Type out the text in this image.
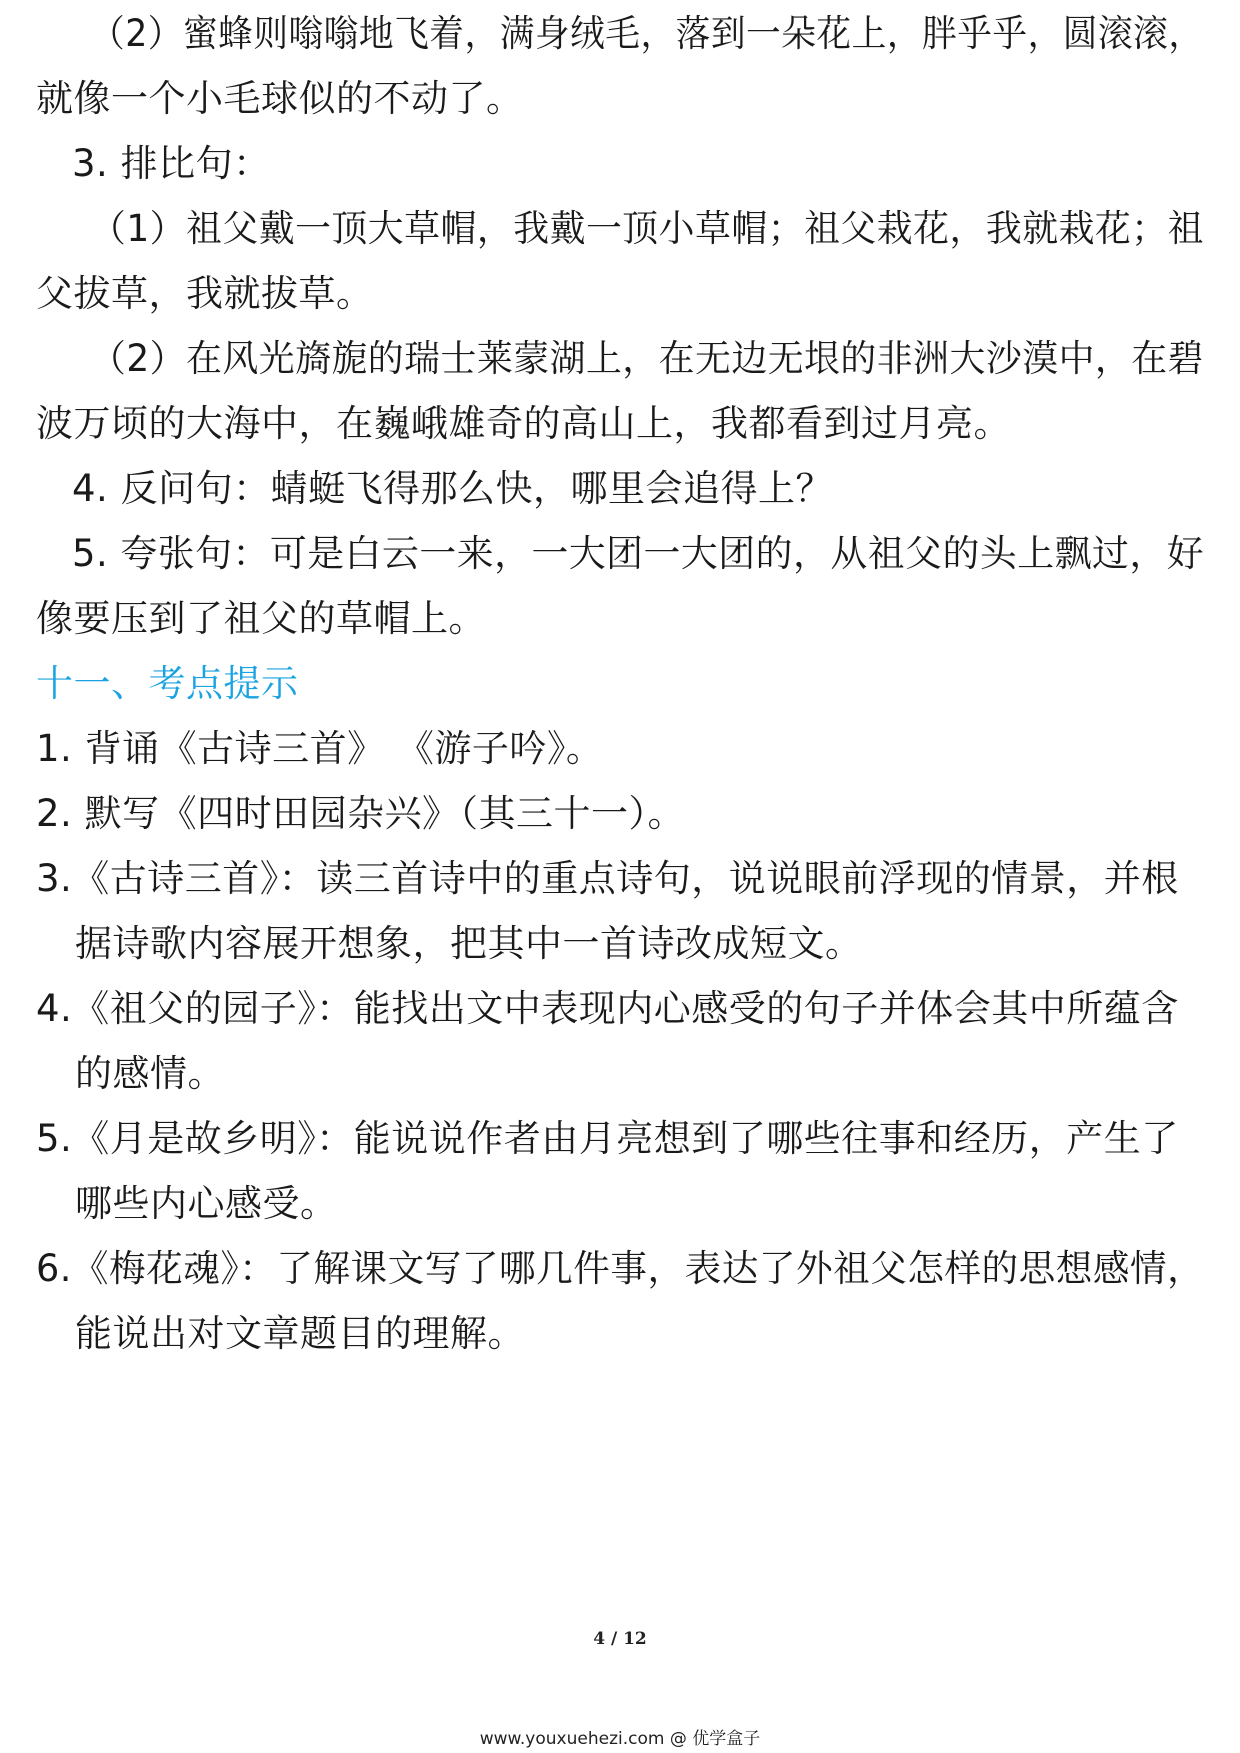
（2）蜜蜂则嗡嗡地飞着，满身绒毛，落到一朵花上，胖乎乎，圆滚滚，
就像一个小毛球似的不动了。
3. 排比句：
（1）祖父戴一顶大草帽，我戴一顶小草帽；祖父栽花，我就栽花；祖
父拔草，我就拔草。
（2）在风光旖旎的瑞士莱蒙湖上，在无边无垠的非洲大沙漠中，在碧
波万顷的大海中，在巍峨雄奇的高山上，我都看到过月亮。
4. 反问句：蜻蜓飞得那么快，哪里会追得上？
5. 夸张句：可是白云一来，一大团一大团的，从祖父的头上飘过，好
像要压到了祖父的草帽上。
十一、考点提示
1. 背诵《古诗三首》 《游子吟》。
2. 默写《四时田园杂兴》（其三十一）。
3.《古诗三首》：读三首诗中的重点诗句，说说眼前浮现的情景，并根
据诗歌内容展开想象，把其中一首诗改成短文。
4.《祖父的园子》：能找出文中表现内心感受的句子并体会其中所蕴含
的感情。
5.《月是故乡明》：能说说作者由月亮想到了哪些往事和经历，产生了
哪些内心感受。
6.《梅花魂》：了解课文写了哪几件事，表达了外祖父怎样的思想感情，
能说出对文章题目的理解。
4 / 12
www.youxuehezi.com @ 优学盒子
